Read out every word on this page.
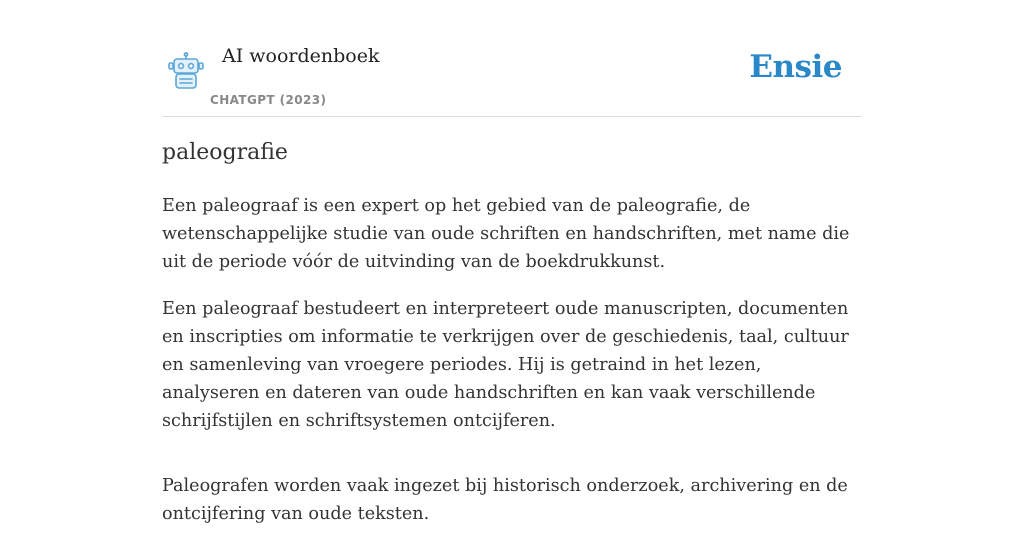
AI woordenboek
CHATGPT (2023)
Ensie
paleografie

Een paleograaf is een expert op het gebied van de paleografie, de wetenschappelijke studie van oude schriften en handschriften, met name die uit de periode vóór de uitvinding van de boekdrukkunst.

Een paleograaf bestudeert en interpreteert oude manuscripten, documenten en inscripties om informatie te verkrijgen over de geschiedenis, taal, cultuur en samenleving van vroegere periodes. Hij is getraind in het lezen, analyseren en dateren van oude handschriften en kan vaak verschillende schrijfstijlen en schriftsystemen ontcijferen.

Paleografen worden vaak ingezet bij historisch onderzoek, archivering en de ontcijfering van oude teksten.
